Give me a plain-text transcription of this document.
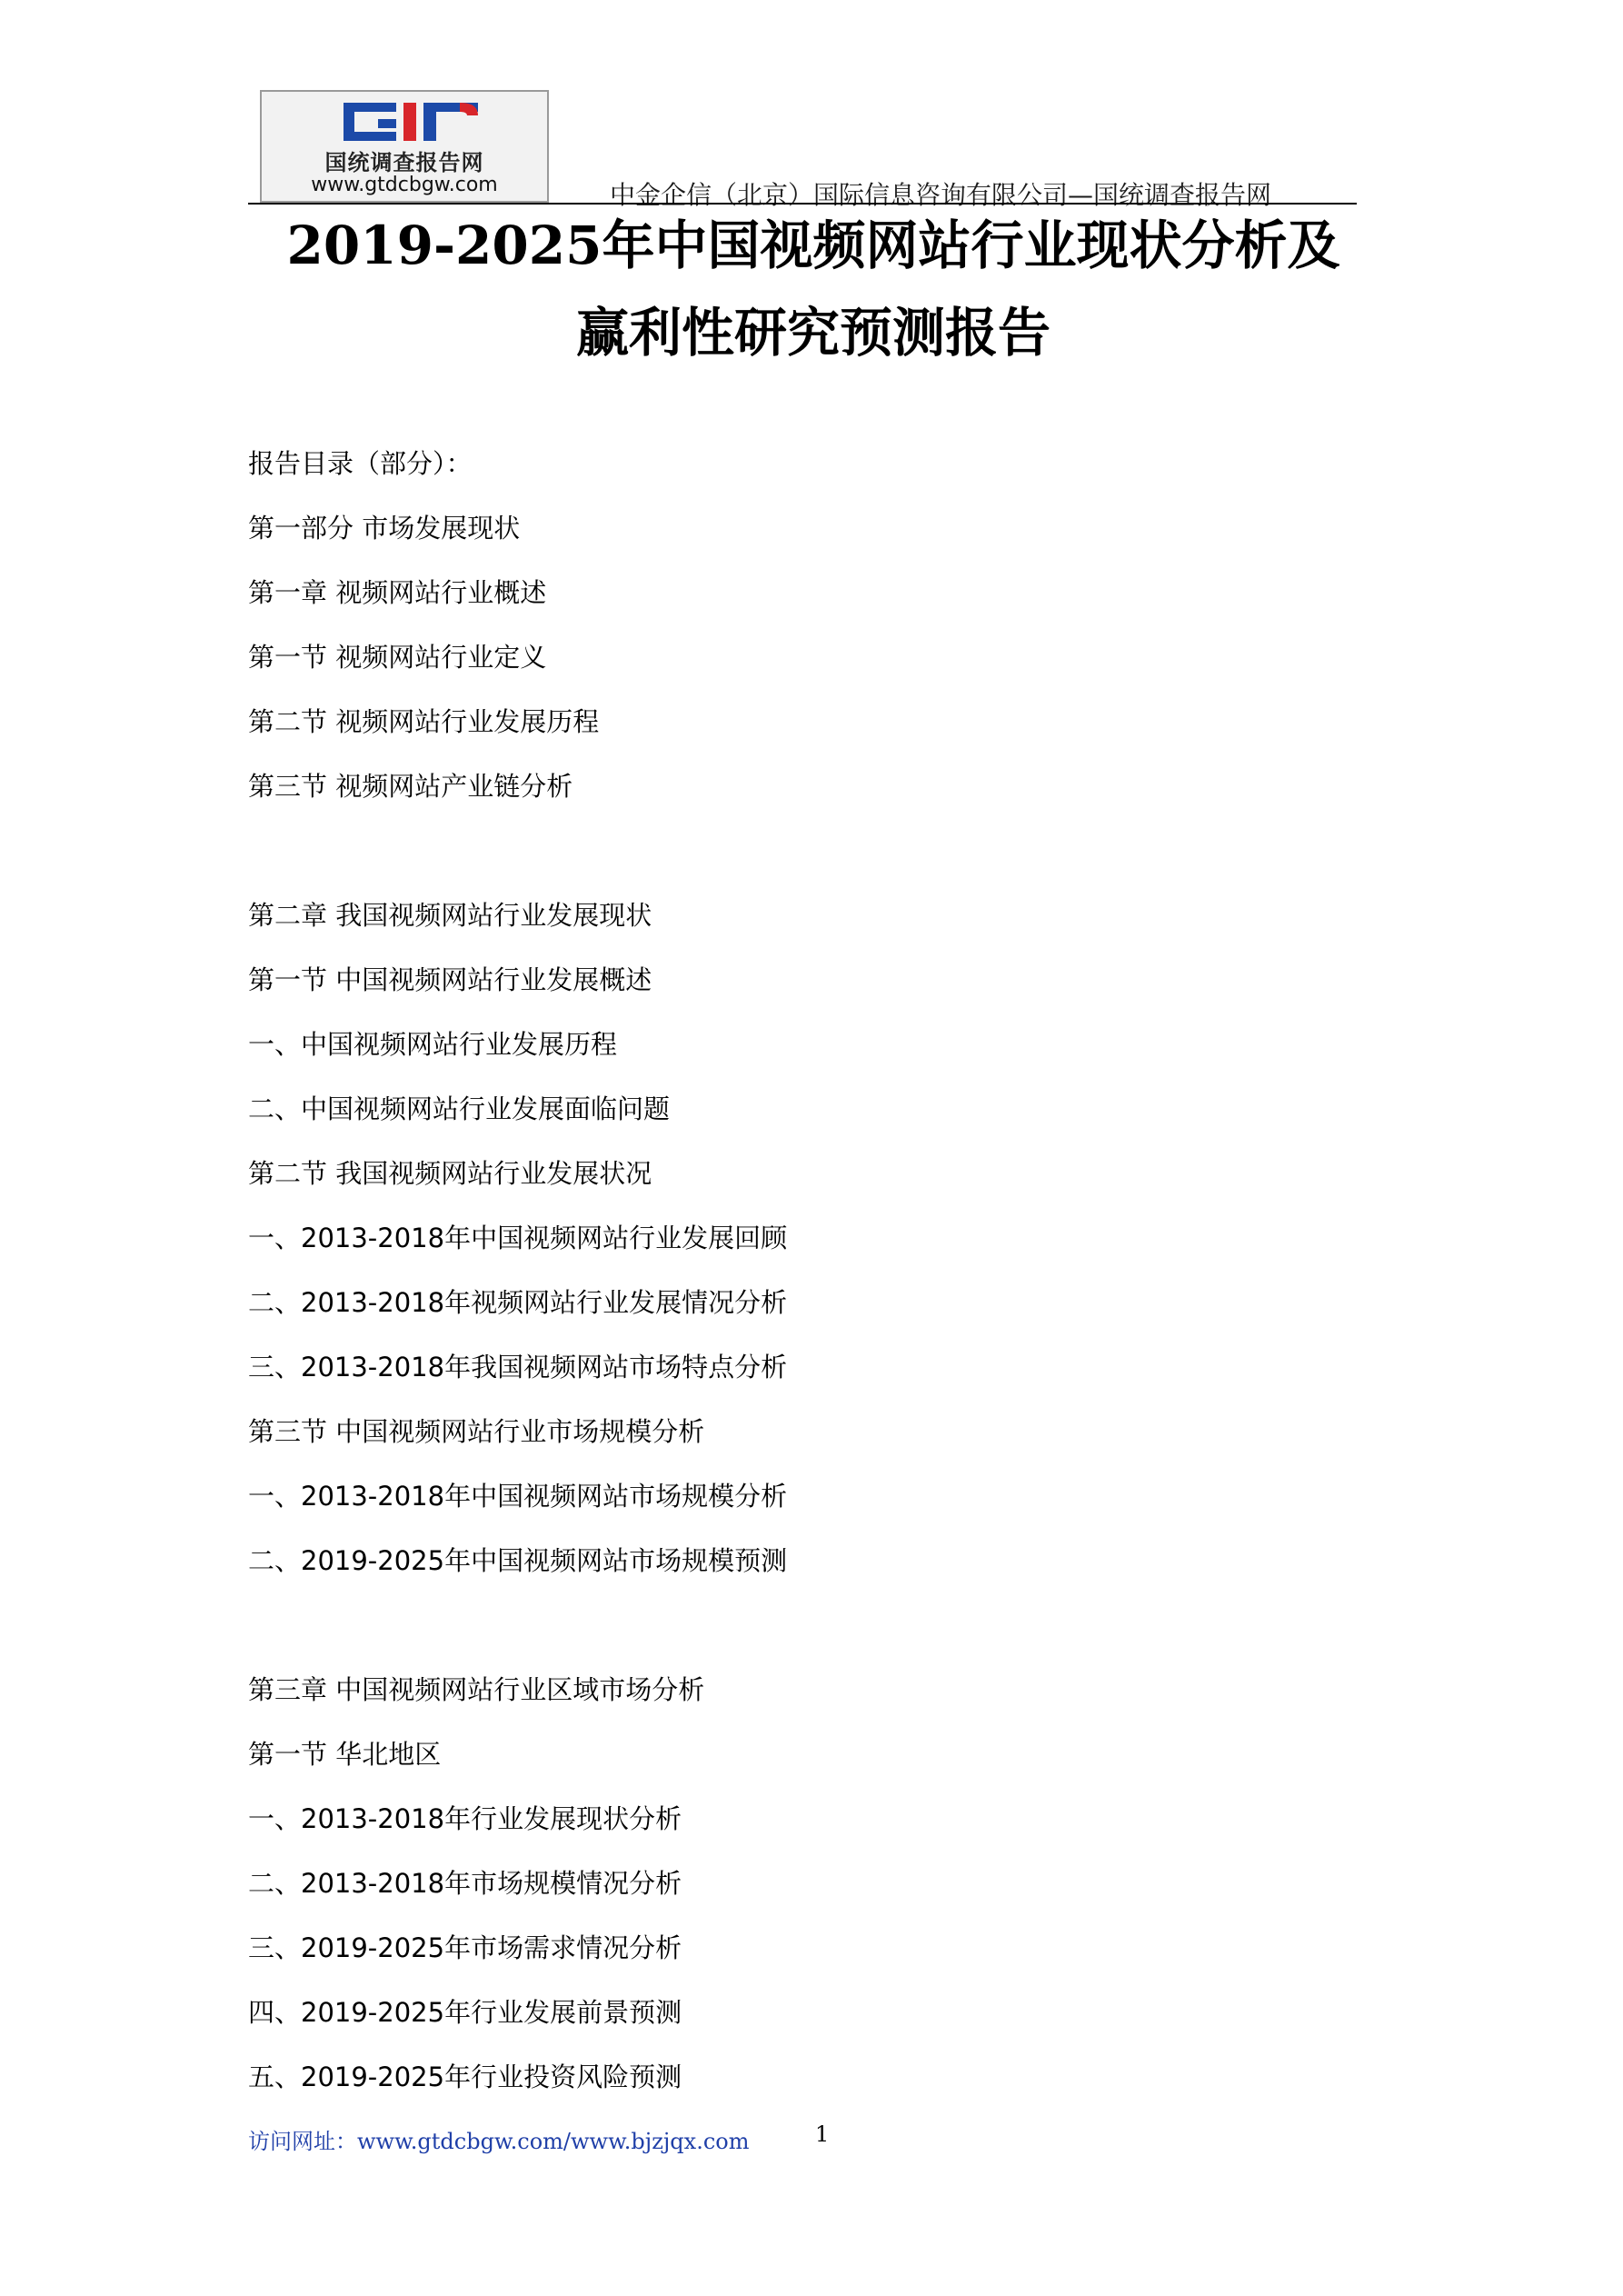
国统调查报告网
www.gtdcbgw.com	中金企信（北京）国际信息咨询有限公司—国统调查报告网
2019-2025年中国视频网站行业现状分析及
赢利性研究预测报告
报告目录（部分）：
第一部分 市场发展现状
第一章 视频网站行业概述
第一节 视频网站行业定义
第二节 视频网站行业发展历程
第三节 视频网站产业链分析
第二章 我国视频网站行业发展现状
第一节 中国视频网站行业发展概述
一、中国视频网站行业发展历程
二、中国视频网站行业发展面临问题
第二节 我国视频网站行业发展状况
一、2013-2018年中国视频网站行业发展回顾
二、2013-2018年视频网站行业发展情况分析
三、2013-2018年我国视频网站市场特点分析
第三节 中国视频网站行业市场规模分析
一、2013-2018年中国视频网站市场规模分析
二、2019-2025年中国视频网站市场规模预测
第三章 中国视频网站行业区域市场分析
第一节 华北地区
一、2013-2018年行业发展现状分析
二、2013-2018年市场规模情况分析
三、2019-2025年市场需求情况分析
四、2019-2025年行业发展前景预测
五、2019-2025年行业投资风险预测
访问网址：www.gtdcbgw.com/www.bjzjqx.com	1
